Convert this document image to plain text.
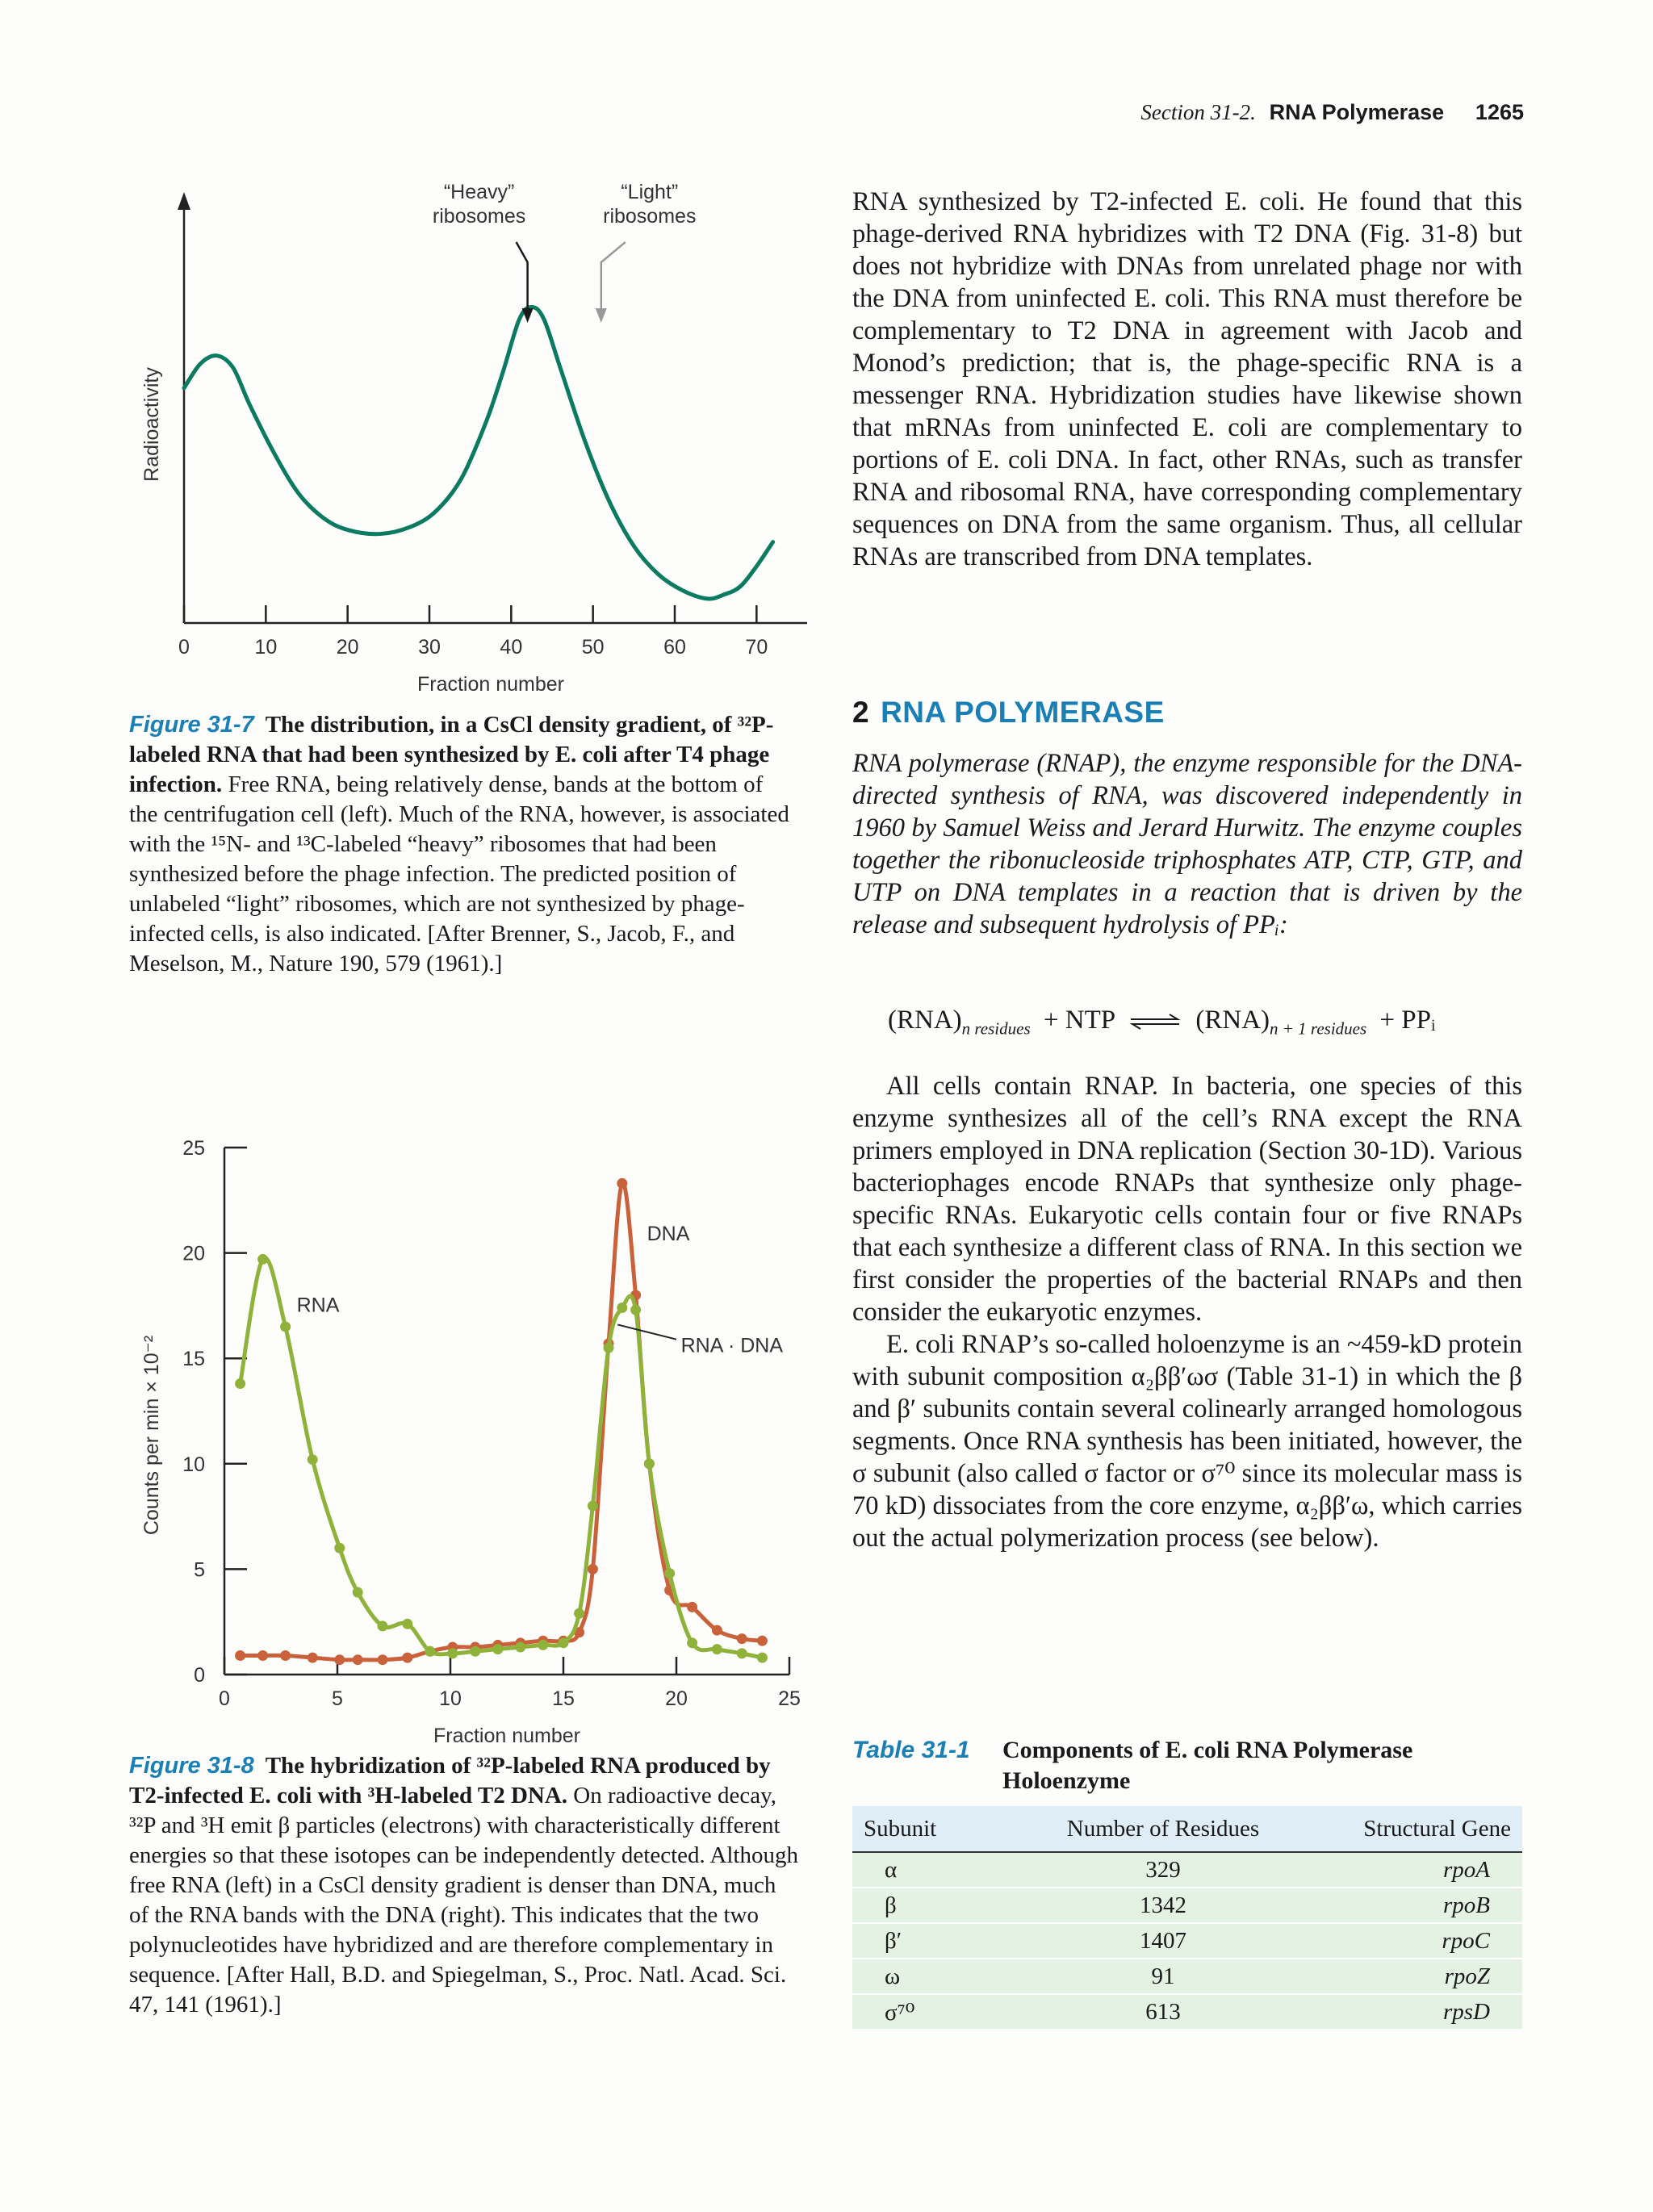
Section 31-2. RNA Polymerase 1265
0	10	20	30	40	50	60	70
Fraction number
Radioactivity
“Heavy”
ribosomes
“Light”
ribosomes
Figure 31-7 The distribution, in a CsCl density gradient, of ³²P-labeled RNA that had been synthesized by E. coli after T4 phage infection. Free RNA, being relatively dense, bands at the bottom of the centrifugation cell (left). Much of the RNA, however, is associated with the ¹⁵N- and ¹³C-labeled “heavy” ribosomes that had been synthesized before the phage infection. The predicted position of unlabeled “light” ribosomes, which are not synthesized by phage-infected cells, is also indicated. [After Brenner, S., Jacob, F., and Meselson, M., Nature 190, 579 (1961).]
0
5
10
15
20
25
0	5	10	15	20	25
Fraction number
Counts per min × 10⁻²
RNA
DNA
RNA · DNA
Figure 31-8 The hybridization of ³²P-labeled RNA produced by T2-infected E. coli with ³H-labeled T2 DNA. On radioactive decay, ³²P and ³H emit β particles (electrons) with characteristically different energies so that these isotopes can be independently detected. Although free RNA (left) in a CsCl density gradient is denser than DNA, much of the RNA bands with the DNA (right). This indicates that the two polynucleotides have hybridized and are therefore complementary in sequence. [After Hall, B.D. and Spiegelman, S., Proc. Natl. Acad. Sci. 47, 141 (1961).]

RNA synthesized by T2-infected E. coli. He found that this phage-derived RNA hybridizes with T2 DNA (Fig. 31-8) but does not hybridize with DNAs from unrelated phage nor with the DNA from uninfected E. coli. This RNA must therefore be complementary to T2 DNA in agreement with Jacob and Monod’s prediction; that is, the phage-specific RNA is a messenger RNA. Hybridization studies have likewise shown that mRNAs from uninfected E. coli are complementary to portions of E. coli DNA. In fact, other RNAs, such as transfer RNA and ribosomal RNA, have corresponding complementary sequences on DNA from the same organism. Thus, all cellular RNAs are transcribed from DNA templates.

2 RNA POLYMERASE

RNA polymerase (RNAP), the enzyme responsible for the DNA-directed synthesis of RNA, was discovered independently in 1960 by Samuel Weiss and Jerard Hurwitz. The enzyme couples together the ribonucleoside triphosphates ATP, CTP, GTP, and UTP on DNA templates in a reaction that is driven by the release and subsequent hydrolysis of PPᵢ:

$(RNA)_{n residues}$ + NTP ⇌ $(RNA)_{n + 1 residues}$ + PPᵢ

All cells contain RNAP. In bacteria, one species of this enzyme synthesizes all of the cell’s RNA except the RNA primers employed in DNA replication (Section 30-1D). Various bacteriophages encode RNAPs that synthesize only phage-specific RNAs. Eukaryotic cells contain four or five RNAPs that each synthesize a different class of RNA. In this section we first consider the properties of the bacterial RNAPs and then consider the eukaryotic enzymes.

E. coli RNAP’s so-called holoenzyme is an ~459-kD protein with subunit composition α₂ββ′ωσ (Table 31-1) in which the β and β′ subunits contain several colinearly arranged homologous segments. Once RNA synthesis has been initiated, however, the σ subunit (also called σ factor or σ⁷⁰ since its molecular mass is 70 kD) dissociates from the core enzyme, α₂ββ′ω, which carries out the actual polymerization process (see below).

Table 31-1 Components of E. coli RNA Polymerase Holoenzyme
Subunit	Number of Residues	Structural Gene
α	329	rpoA
β	1342	rpoB
β′	1407	rpoC
ω	91	rpoZ
σ⁷⁰	613	rpsD
